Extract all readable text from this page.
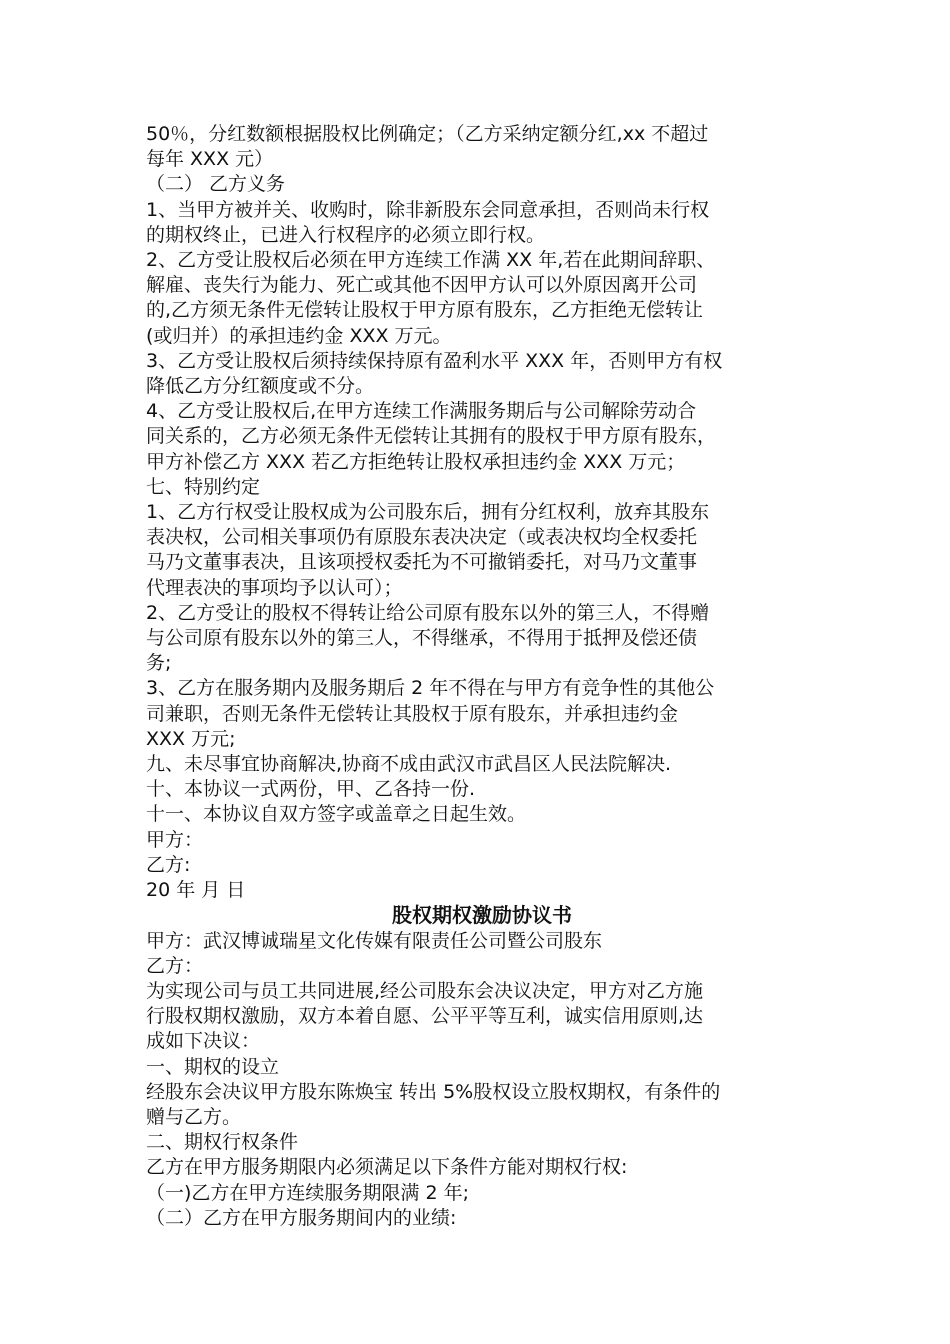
50％，分红数额根据股权比例确定；（乙方采纳定额分红,xx 不超过

每年 XXX 元）

（二） 乙方义务

1、当甲方被并关、收购时，除非新股东会同意承担，否则尚未行权

的期权终止，已进入行权程序的必须立即行权。

2、乙方受让股权后必须在甲方连续工作满 XX 年,若在此期间辞职、

解雇、丧失行为能力、死亡或其他不因甲方认可以外原因离开公司

的,乙方须无条件无偿转让股权于甲方原有股东，乙方拒绝无偿转让

(或归并）的承担违约金 XXX 万元。

3、乙方受让股权后须持续保持原有盈利水平 XXX 年，否则甲方有权

降低乙方分红额度或不分。

4、乙方受让股权后,在甲方连续工作满服务期后与公司解除劳动合

同关系的，乙方必须无条件无偿转让其拥有的股权于甲方原有股东，

甲方补偿乙方 XXX 若乙方拒绝转让股权承担违约金 XXX 万元；

七、特别约定

1、乙方行权受让股权成为公司股东后，拥有分红权利，放弃其股东

表决权，公司相关事项仍有原股东表决决定（或表决权均全权委托

马乃文董事表决，且该项授权委托为不可撤销委托，对马乃文董事

代理表决的事项均予以认可）；

2、乙方受让的股权不得转让给公司原有股东以外的第三人，不得赠

与公司原有股东以外的第三人，不得继承，不得用于抵押及偿还债

务;

3、乙方在服务期内及服务期后 2 年不得在与甲方有竞争性的其他公

司兼职，否则无条件无偿转让其股权于原有股东，并承担违约金

XXX 万元;

九、未尽事宜协商解决,协商不成由武汉市武昌区人民法院解决.

十、本协议一式两份，甲、乙各持一份.

十一、本协议自双方签字或盖章之日起生效。

甲方：

乙方:

20 年 月 日

股权期权激励协议书

甲方：武汉博诚瑞星文化传媒有限责任公司暨公司股东

乙方：

为实现公司与员工共同进展,经公司股东会决议决定，甲方对乙方施

行股权期权激励，双方本着自愿、公平平等互利，诚实信用原则,达

成如下决议：

一、期权的设立

经股东会决议甲方股东陈焕宝 转出 5%股权设立股权期权，有条件的

赠与乙方。

二、期权行权条件

乙方在甲方服务期限内必须满足以下条件方能对期权行权:

（一)乙方在甲方连续服务期限满 2 年;

（二）乙方在甲方服务期间内的业绩:
